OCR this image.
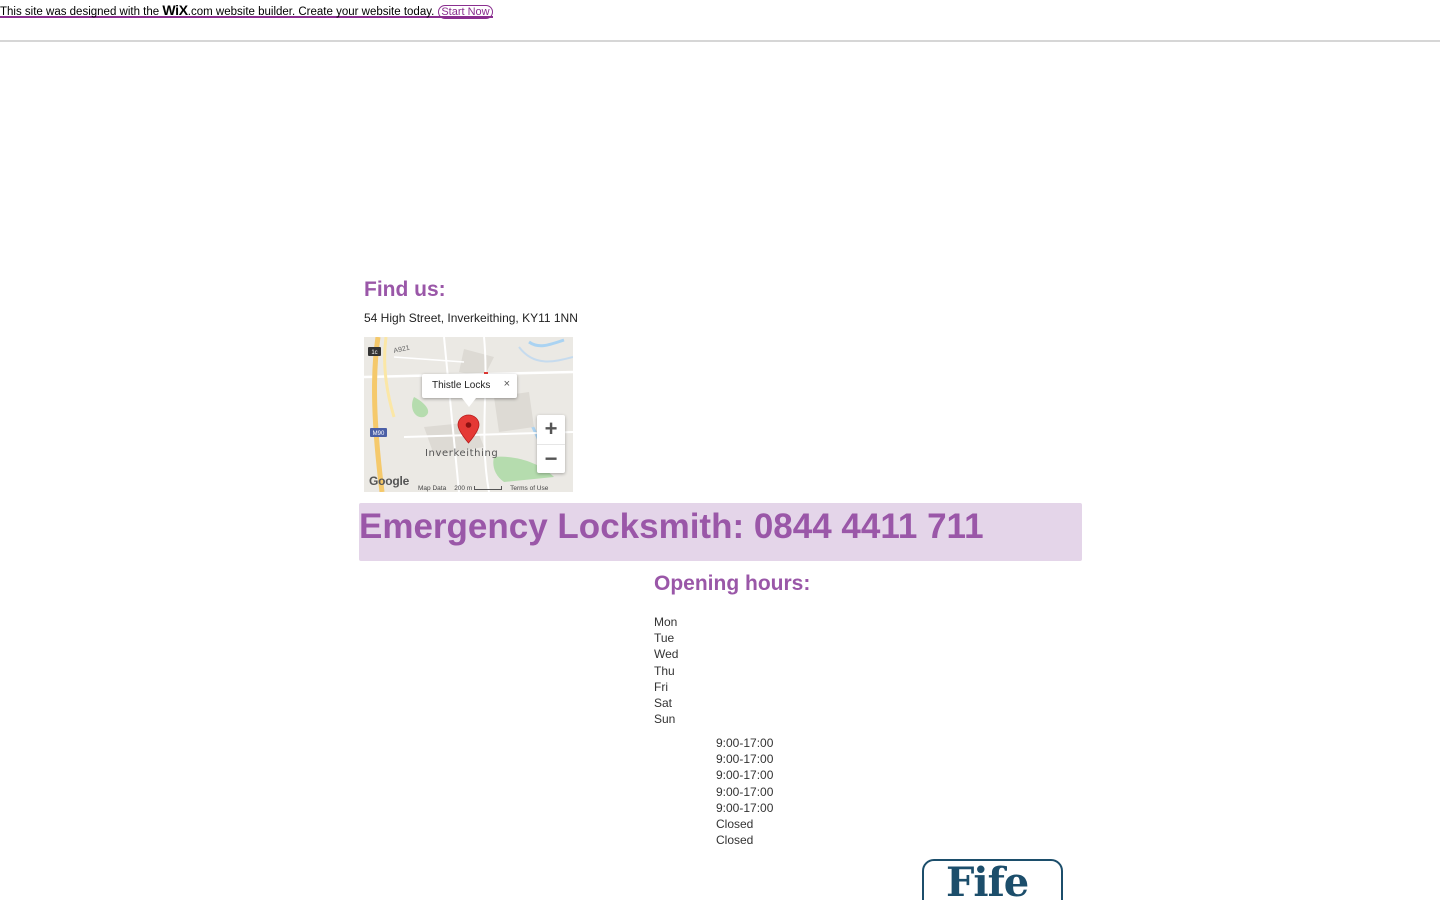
This site was designed with the
WiX .com website builder. Create your website today. Start Now
Find us:
54 High Street, Inverkeithing, KY11 1NN
1c
M90
A921
Thistle Locks ×
Inverkeithing
+
−
Google
Map Data 200 m	Terms of Use
Emergency Locksmith: 0844 4411 711
Opening hours:
Mon
Tue
Wed
Thu
Fri
Sat
Sun
9:00-17:00
9:00-17:00
9:00-17:00
9:00-17:00
9:00-17:00
Closed
Closed
Fife
